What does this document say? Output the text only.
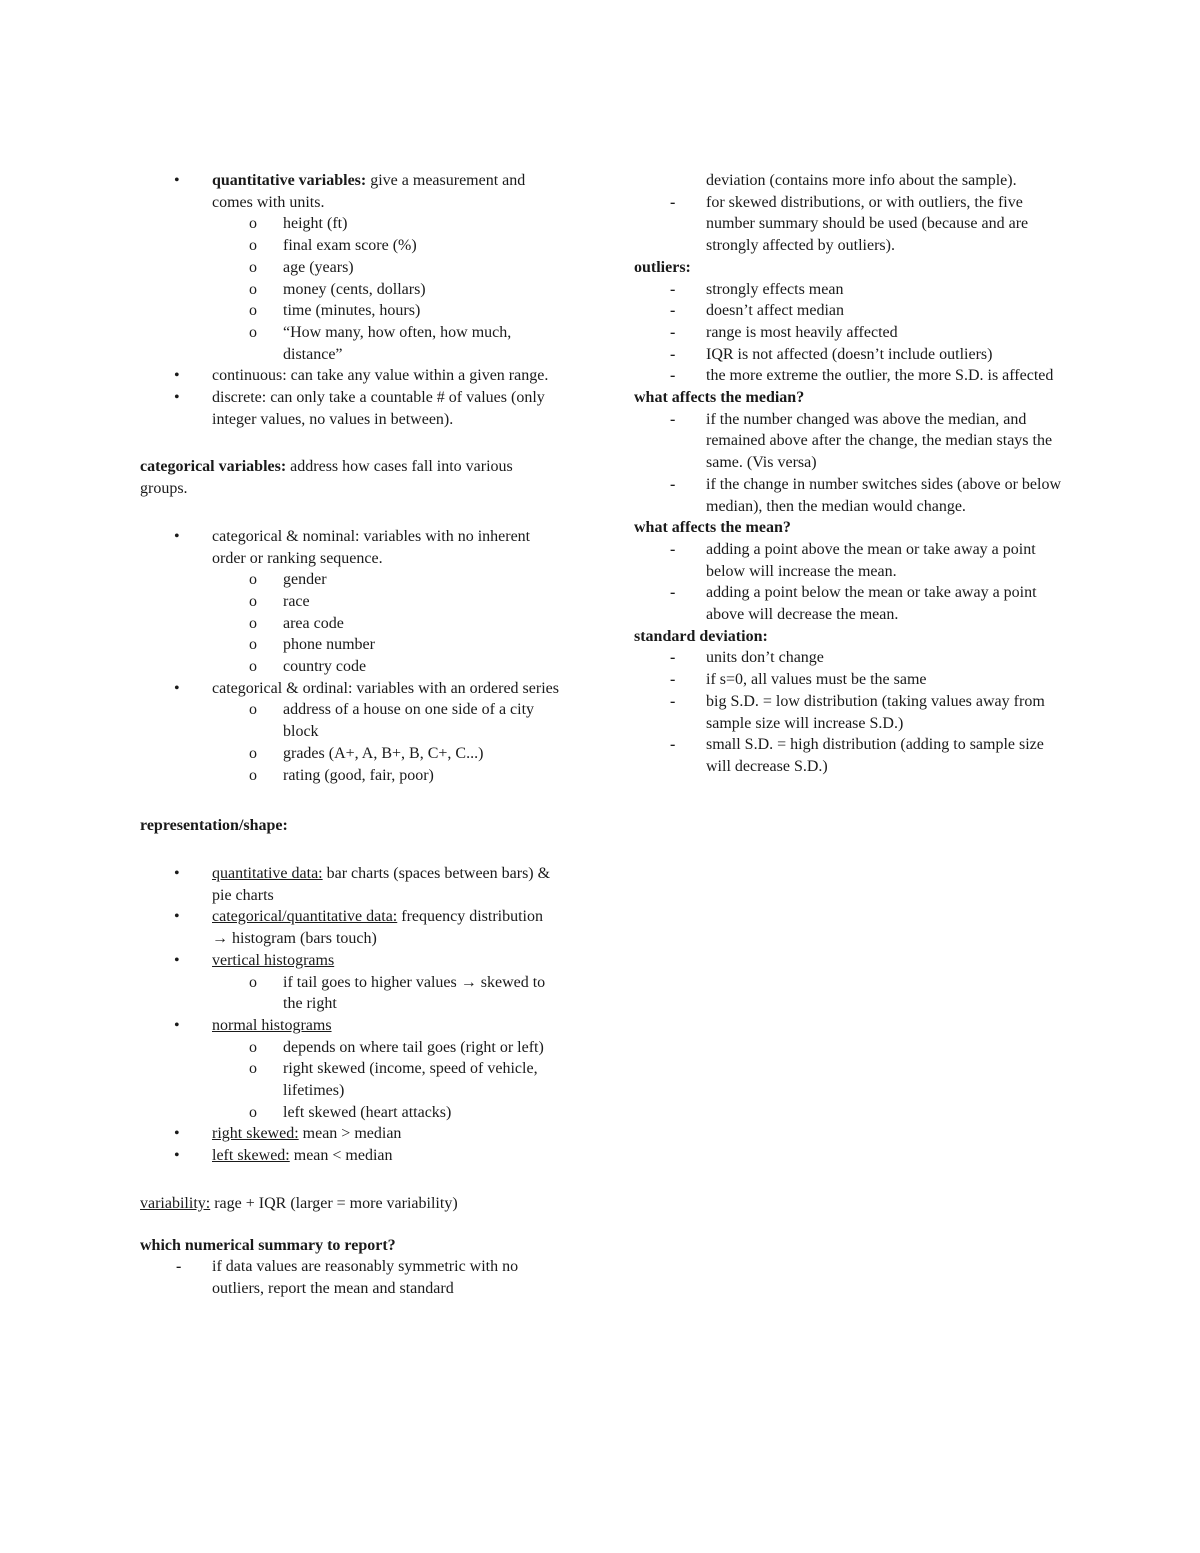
• quantitative variables: give a measurement and comes with units.
o height (ft)
o final exam score (%)
o age (years)
o money (cents, dollars)
o time (minutes, hours)
o “How many, how often, how much, distance”
• continuous: can take any value within a given range.
• discrete: can only take a countable # of values (only integer values, no values in between).

categorical variables: address how cases fall into various groups.

• categorical & nominal: variables with no inherent order or ranking sequence.
o gender
o race
o area code
o phone number
o country code
• categorical & ordinal: variables with an ordered series
o address of a house on one side of a city block
o grades (A+, A, B+, B, C+, C...)
o rating (good, fair, poor)

representation/shape:

• quantitative data: bar charts (spaces between bars) & pie charts
• categorical/quantitative data: frequency distribution → histogram (bars touch)
• vertical histograms
o if tail goes to higher values → skewed to the right
• normal histograms
o depends on where tail goes (right or left)
o right skewed (income, speed of vehicle, lifetimes)
o left skewed (heart attacks)
• right skewed: mean > median
• left skewed: mean < median

variability: rage + IQR (larger = more variability)

which numerical summary to report?

- if data values are reasonably symmetric with no outliers, report the mean and standard

deviation (contains more info about the sample).

- for skewed distributions, or with outliers, the five number summary should be used (because and are strongly affected by outliers).

outliers:

- strongly effects mean
- doesn’t affect median
- range is most heavily affected
- IQR is not affected (doesn’t include outliers)
- the more extreme the outlier, the more S.D. is affected

what affects the median?

- if the number changed was above the median, and remained above after the change, the median stays the same. (Vis versa)
- if the change in number switches sides (above or below median), then the median would change.

what affects the mean?

- adding a point above the mean or take away a point below will increase the mean.
- adding a point below the mean or take away a point above will decrease the mean.

standard deviation:

- units don’t change
- if s=0, all values must be the same
- big S.D. = low distribution (taking values away from sample size will increase S.D.)
- small S.D. = high distribution (adding to sample size will decrease S.D.)
